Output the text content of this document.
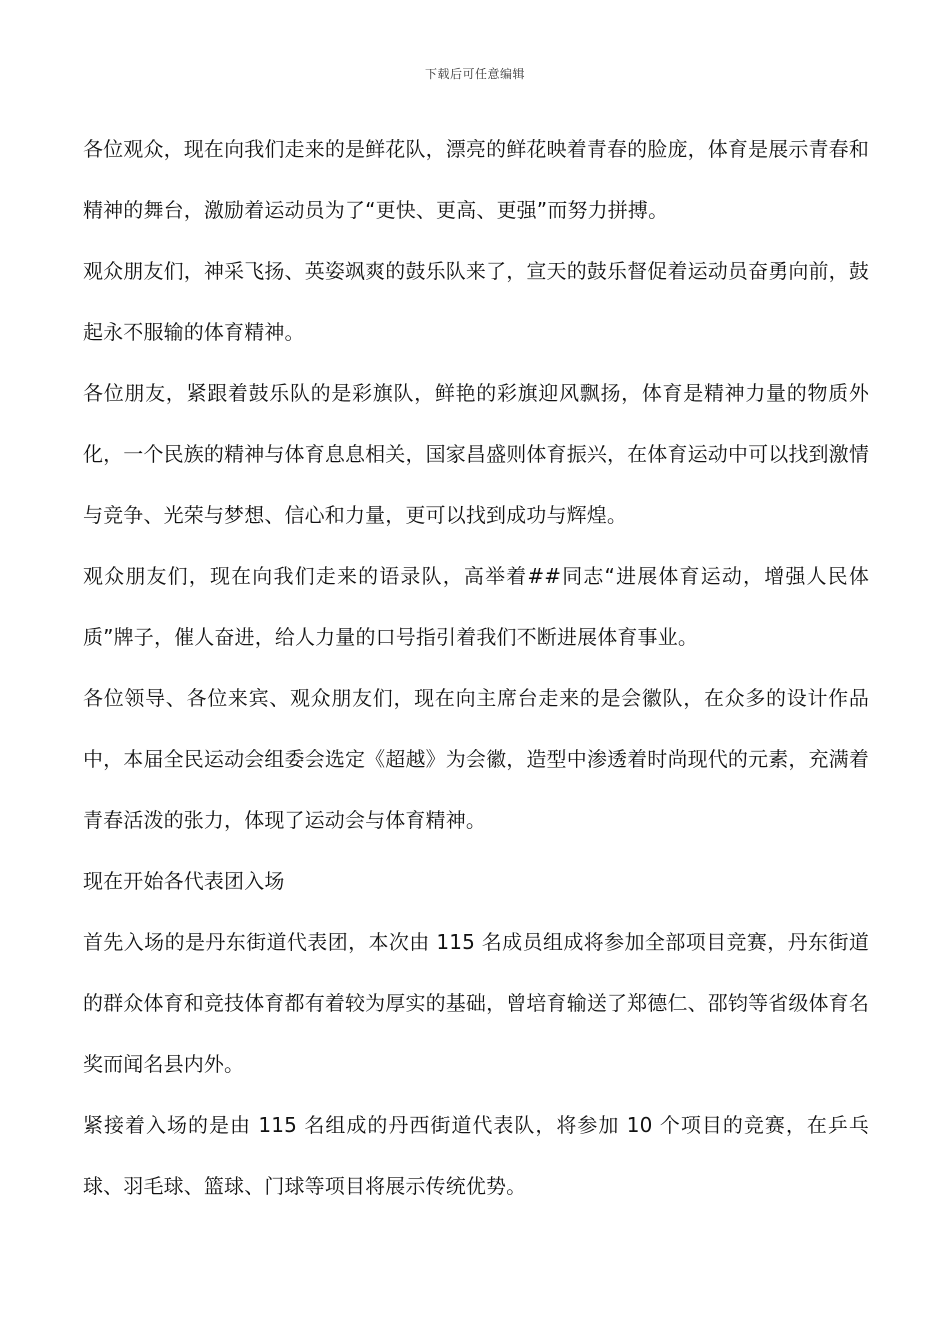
下载后可任意编辑

各位观众，现在向我们走来的是鲜花队，漂亮的鲜花映着青春的脸庞，体育是展示青春和精神的舞台，激励着运动员为了“更快、更高、更强”而努力拼搏。

观众朋友们，神采飞扬、英姿飒爽的鼓乐队来了，宣天的鼓乐督促着运动员奋勇向前，鼓起永不服输的体育精神。

各位朋友，紧跟着鼓乐队的是彩旗队，鲜艳的彩旗迎风飘扬，体育是精神力量的物质外化，一个民族的精神与体育息息相关，国家昌盛则体育振兴，在体育运动中可以找到激情与竞争、光荣与梦想、信心和力量，更可以找到成功与辉煌。

观众朋友们，现在向我们走来的语录队，高举着##同志“进展体育运动，增强人民体质”牌子，催人奋进，给人力量的口号指引着我们不断进展体育事业。

各位领导、各位来宾、观众朋友们，现在向主席台走来的是会徽队，在众多的设计作品中，本届全民运动会组委会选定《超越》为会徽，造型中渗透着时尚现代的元素，充满着青春活泼的张力，体现了运动会与体育精神。

现在开始各代表团入场

首先入场的是丹东街道代表团，本次由 115 名成员组成将参加全部项目竞赛，丹东街道的群众体育和竞技体育都有着较为厚实的基础，曾培育输送了郑德仁、邵钧等省级体育名奖而闻名县内外。

紧接着入场的是由 115 名组成的丹西街道代表队，将参加 10 个项目的竞赛，在乒乓球、羽毛球、篮球、门球等项目将展示传统优势。
